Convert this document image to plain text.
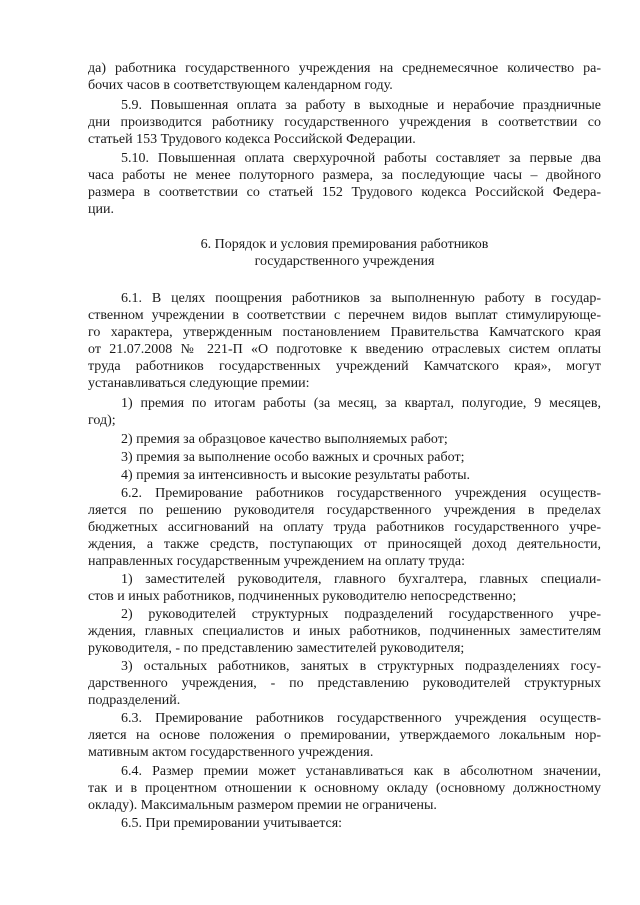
да) работника государственного учреждения на среднемесячное количество ра-
бочих часов в соответствующем календарном году.
5.9. Повышенная оплата за работу в выходные и нерабочие праздничные
дни производится работнику государственного учреждения в соответствии со
статьей 153 Трудового кодекса Российской Федерации.
5.10. Повышенная оплата сверхурочной работы составляет за первые два
часа работы не менее полуторного размера, за последующие часы – двойного
размера в соответствии со статьей 152 Трудового кодекса Российской Федера-
ции.
6. Порядок и условия премирования работников
государственного учреждения
6.1. В целях поощрения работников за выполненную работу в государ-
ственном учреждении в соответствии с перечнем видов выплат стимулирующе-
го характера, утвержденным постановлением Правительства Камчатского края
от 21.07.2008 № 221-П «О подготовке к введению отраслевых систем оплаты
труда работников государственных учреждений Камчатского края», могут
устанавливаться следующие премии:
1) премия по итогам работы (за месяц, за квартал, полугодие, 9 месяцев,
год);
2) премия за образцовое качество выполняемых работ;
3) премия за выполнение особо важных и срочных работ;
4) премия за интенсивность и высокие результаты работы.
6.2. Премирование работников государственного учреждения осуществ-
ляется по решению руководителя государственного учреждения в пределах
бюджетных ассигнований на оплату труда работников государственного учре-
ждения, а также средств, поступающих от приносящей доход деятельности,
направленных государственным учреждением на оплату труда:
1) заместителей руководителя, главного бухгалтера, главных специали-
стов и иных работников, подчиненных руководителю непосредственно;
2) руководителей структурных подразделений государственного учре-
ждения, главных специалистов и иных работников, подчиненных заместителям
руководителя, - по представлению заместителей руководителя;
3) остальных работников, занятых в структурных подразделениях госу-
дарственного учреждения, - по представлению руководителей структурных
подразделений.
6.3. Премирование работников государственного учреждения осуществ-
ляется на основе положения о премировании, утверждаемого локальным нор-
мативным актом государственного учреждения.
6.4. Размер премии может устанавливаться как в абсолютном значении,
так и в процентном отношении к основному окладу (основному должностному
окладу). Максимальным размером премии не ограничены.
6.5. При премировании учитывается:
